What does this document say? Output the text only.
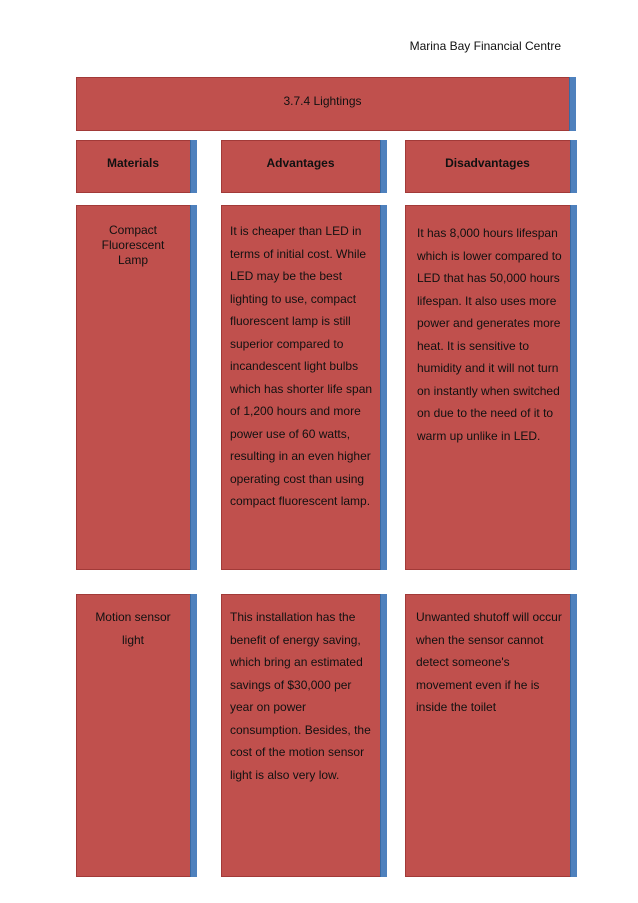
Marina Bay Financial Centre
3.7.4 Lightings
Materials	Advantages	Disadvantages
Compact Fluorescent Lamp
It is cheaper than LED in terms of initial cost. While LED may be the best lighting to use, compact fluorescent lamp is still superior compared to incandescent light bulbs which has shorter life span of 1,200 hours and more power use of 60 watts, resulting in an even higher operating cost than using compact fluorescent lamp.
It has 8,000 hours lifespan which is lower compared to LED that has 50,000 hours lifespan. It also uses more power and generates more heat. It is sensitive to humidity and it will not turn on instantly when switched on due to the need of it to warm up unlike in LED.
Motion sensor light
This installation has the benefit of energy saving, which bring an estimated savings of $30,000 per year on power consumption. Besides, the cost of the motion sensor light is also very low.
Unwanted shutoff will occur when the sensor cannot detect someone's movement even if he is inside the toilet
